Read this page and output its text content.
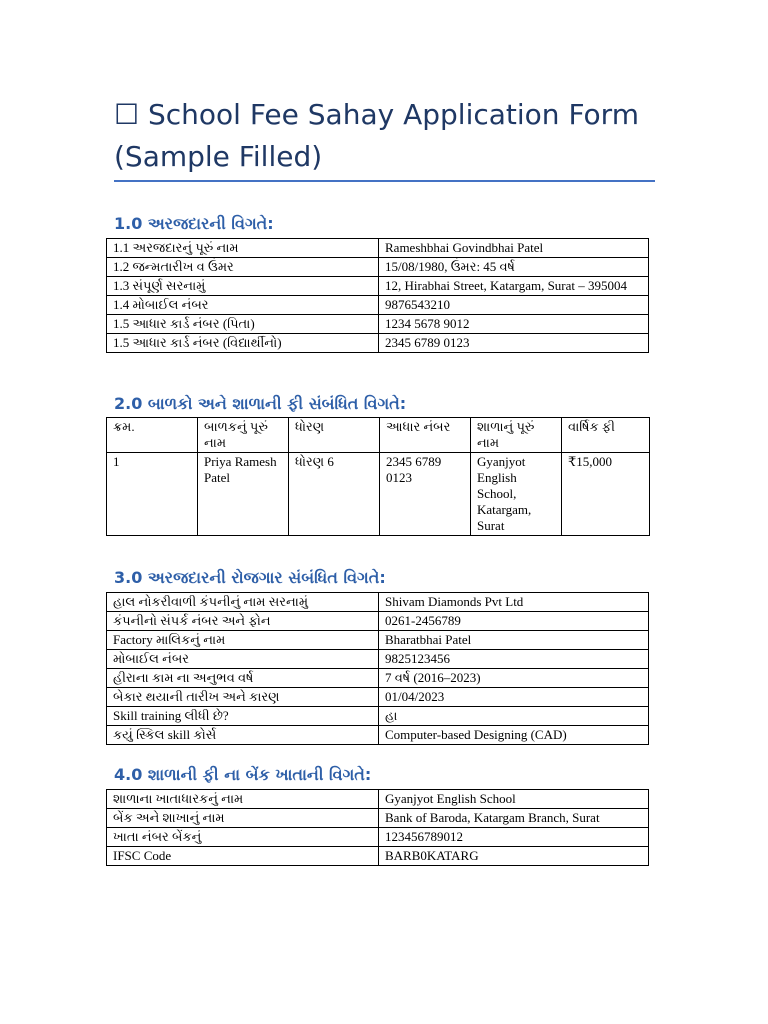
☐ School Fee Sahay Application Form (Sample Filled)
1.0 અરજદારની વિગતે:
1.1 અરજદારનું પૂરું નામ	Rameshbhai Govindbhai Patel
1.2 જન્મતારીખ વ ઉંમર	15/08/1980, ઉંમર: 45 વર્ષ
1.3 સંપૂર્ણ સરનામું	12, Hirabhai Street, Katargam, Surat – 395004
1.4 મોબાઈલ નંબર	9876543210
1.5 આધાર કાર્ડ નંબર (પિતા)	1234 5678 9012
1.5 આધાર કાર્ડ નંબર (વિદ્યાર્થીનો)	2345 6789 0123
2.0 બાળકો અને શાળાની ફી સંબંધિત વિગતે:
ક્રમ.	બાળકનું પૂરું નામ	ધોરણ	આધાર નંબર	શાળાનું પૂરું નામ	વાર્ષિક ફી
1	Priya Ramesh Patel	ધોરણ 6	2345 6789 0123	Gyanjyot English School, Katargam, Surat	₹15,000
3.0 અરજદારની રોજગાર સંબંધિત વિગતે:
હાલ નોકરીવાળી કંપનીનું નામ સરનામું	Shivam Diamonds Pvt Ltd
કંપનીનો સંપર્ક નંબર અને ફોન	0261-2456789
Factory માલિકનું નામ	Bharatbhai Patel
મોબાઈલ નંબર	9825123456
હીરાના કામ ના અનુભવ વર્ષ	7 વર્ષ (2016–2023)
બેકાર થયાની તારીખ અને કારણ	01/04/2023
Skill training લીધી છે?	હા
કયું સ્કિલ skill કોર્સ	Computer-based Designing (CAD)
4.0 શાળાની ફી ના બેંક ખાતાની વિગતે:
શાળાના ખાતાધારકનું નામ	Gyanjyot English School
બેંક અને શાખાનું નામ	Bank of Baroda, Katargam Branch, Surat
ખાતા નંબર બેંકનું	123456789012
IFSC Code	BARB0KATARG
